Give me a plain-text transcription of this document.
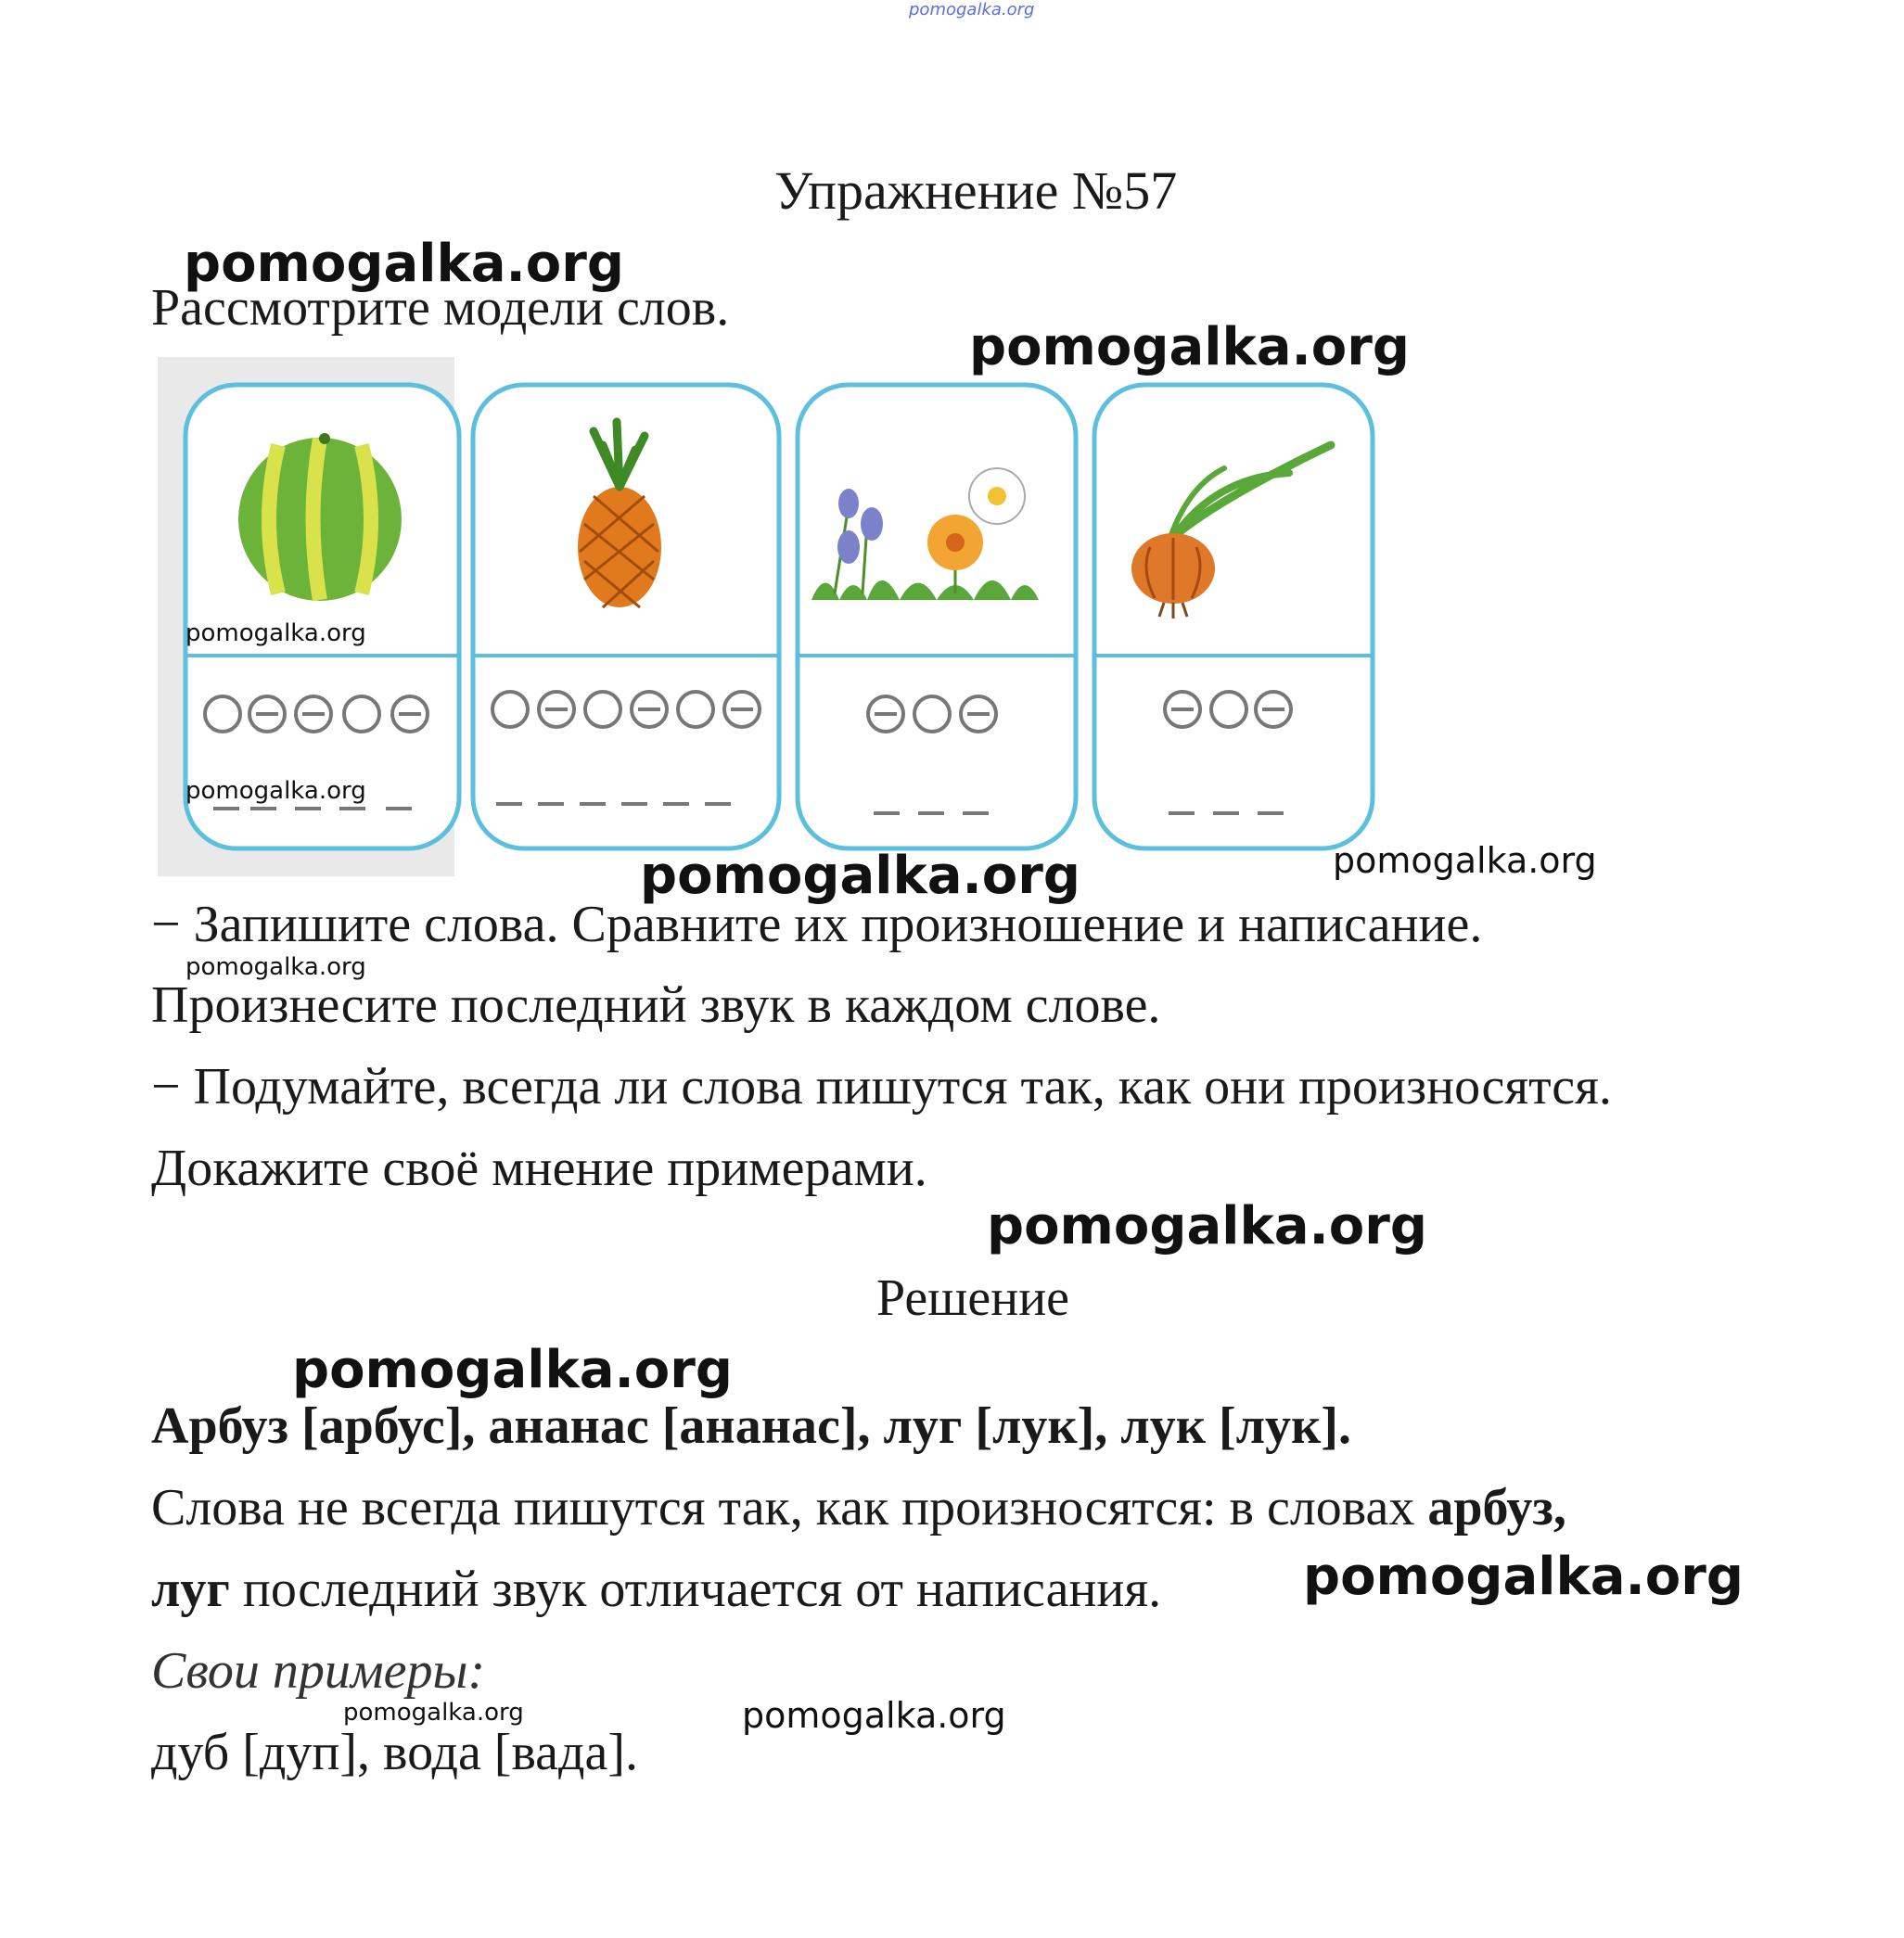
pomogalka.org
Упражнение №57
pomogalka.org
Рассмотрите модели слов.
pomogalka.org
pomogalka.org
pomogalka.org
pomogalka.org	pomogalka.org
− Запишите слова. Сравните их произношение и написание.
pomogalka.org
Произнесите последний звук в каждом слове.
− Подумайте, всегда ли слова пишутся так, как они произносятся.
Докажите своё мнение примерами.
pomogalka.org
Решение
pomogalka.org
Арбуз [арбус], ананас [ананас], луг [лук], лук [лук].
Слова не всегда пишутся так, как произносятся: в словах арбуз,
луг последний звук отличается от написания.	pomogalka.org
Свои примеры:
pomogalka.org	pomogalka.org
дуб [дуп], вода [вада].
